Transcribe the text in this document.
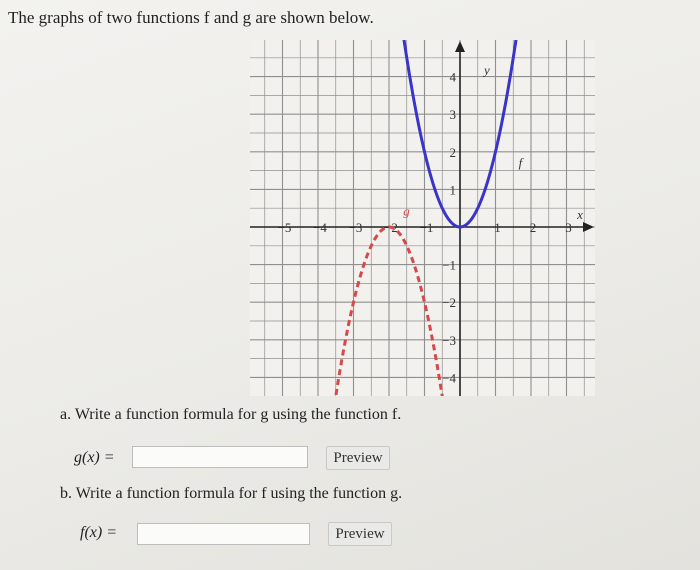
The graphs of two functions f and g are shown below.
−5 −4 −3 −2 −1	1 2 3
4
3
2
1
−1
−2
−3
−4
f
g	x
y
a. Write a function formula for g using the function f.
g(x) =	Preview
b. Write a function formula for f using the function g.
f(x) =	Preview
